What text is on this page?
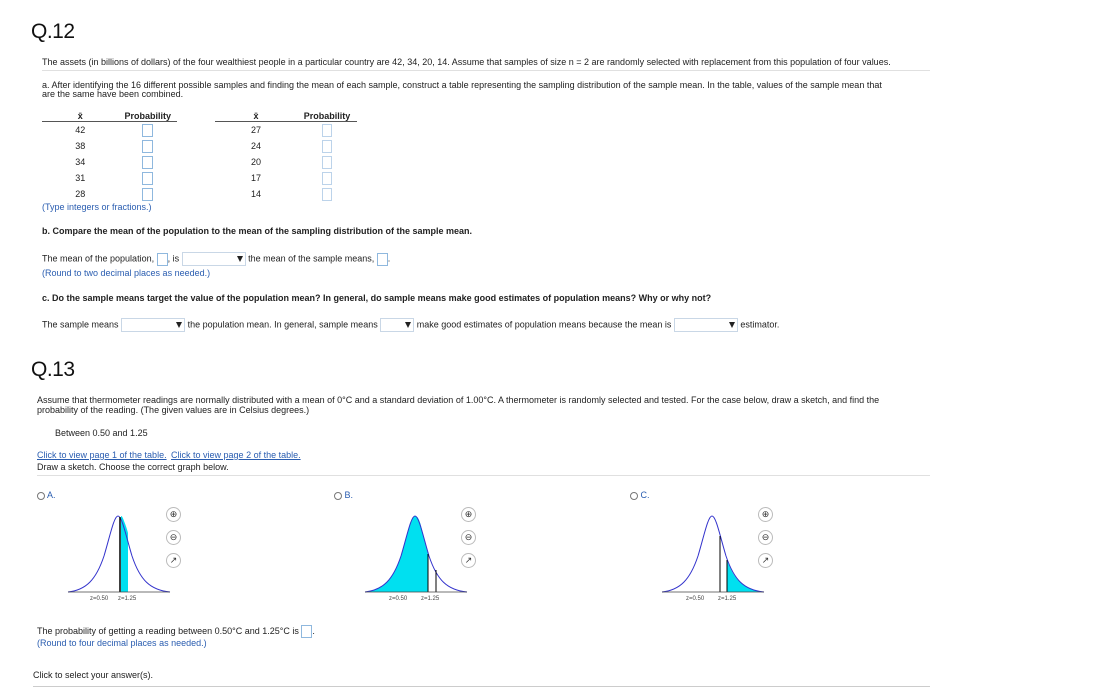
Q.12
The assets (in billions of dollars) of the four wealthiest people in a particular country are 42, 34, 20, 14. Assume that samples of size n = 2 are randomly selected with replacement from this population of four values.
a. After identifying the 16 different possible samples and finding the mean of each sample, construct a table representing the sampling distribution of the sample mean. In the table, values of the sample mean that
are the same have been combined.
x̄	Probability
42	
38	
34	
31	
28	
x̄	Probability
27	
24	
20	
17	
14	
(Type integers or fractions.)
b. Compare the mean of the population to the mean of the sampling distribution of the sample mean.
The mean of the population, , is	the mean of the sample means, .
(Round to two decimal places as needed.)
c. Do the sample means target the value of the population mean? In general, do sample means make good estimates of population means? Why or why not?
The sample means	the population mean. In general, sample means	make good estimates of population means because the mean is	estimator.
Q.13
Assume that thermometer readings are normally distributed with a mean of 0°C and a standard deviation of 1.00°C. A thermometer is randomly selected and tested. For the case below, draw a sketch, and find the
probability of the reading. (The given values are in Celsius degrees.)
Between 0.50 and 1.25
Click to view page 1 of the table. Click to view page 2 of the table.
Draw a sketch. Choose the correct graph below.
A.
z=0.50 z=1.25
⊕
⊖
↗
B.
z=0.50 z=1.25
⊕
⊖
↗
C.
z=0.50 z=1.25
⊕
⊖
↗
The probability of getting a reading between 0.50°C and 1.25°C is .
(Round to four decimal places as needed.)
Click to select your answer(s).
